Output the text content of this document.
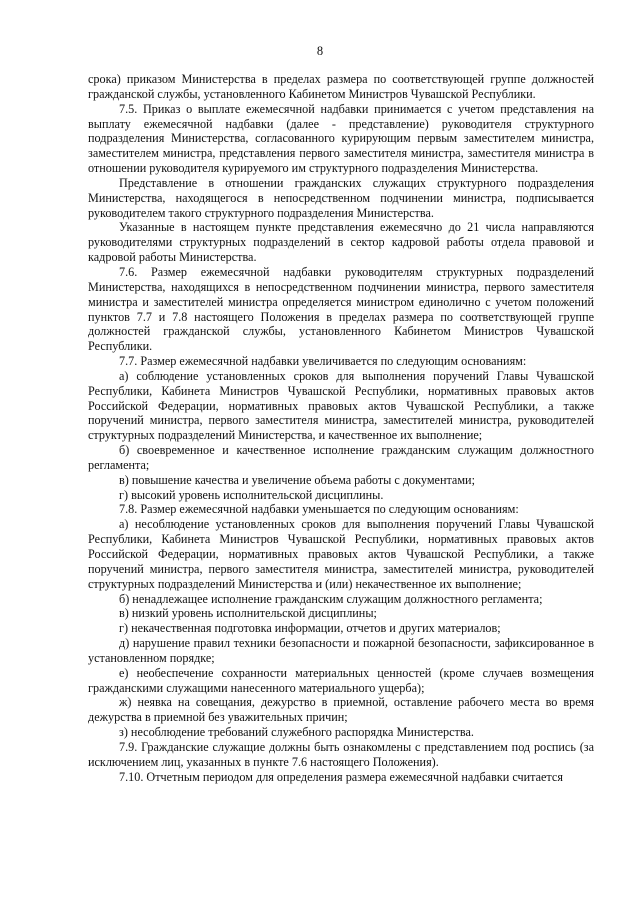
8

срока) приказом Министерства в пределах размера по соответствующей группе должностей гражданской службы, установленного Кабинетом Министров Чувашской Республики.

7.5. Приказ о выплате ежемесячной надбавки принимается с учетом представления на выплату ежемесячной надбавки (далее - представление) руководителя структурного подразделения Министерства, согласованного курирующим первым заместителем министра, заместителем министра, представления первого заместителя министра, заместителя министра в отношении руководителя курируемого им структурного подразделения Министерства.

Представление в отношении гражданских служащих структурного подразделения Министерства, находящегося в непосредственном подчинении министра, подписывается руководителем такого структурного подразделения Министерства.

Указанные в настоящем пункте представления ежемесячно до 21 числа направляются руководителями структурных подразделений в сектор кадровой работы отдела правовой и кадровой работы Министерства.

7.6. Размер ежемесячной надбавки руководителям структурных подразделений Министерства, находящихся в непосредственном подчинении министра, первого заместителя министра и заместителей министра определяется министром единолично с учетом положений пунктов 7.7 и 7.8 настоящего Положения в пределах размера по соответствующей группе должностей гражданской службы, установленного Кабинетом Министров Чувашской Республики.

7.7. Размер ежемесячной надбавки увеличивается по следующим основаниям:

а) соблюдение установленных сроков для выполнения поручений Главы Чувашской Республики, Кабинета Министров Чувашской Республики, нормативных правовых актов Российской Федерации, нормативных правовых актов Чувашской Республики, а также поручений министра, первого заместителя министра, заместителей министра, руководителей структурных подразделений Министерства, и качественное их выполнение;

б) своевременное и качественное исполнение гражданским служащим должностного регламента;

в) повышение качества и увеличение объема работы с документами;

г) высокий уровень исполнительской дисциплины.

7.8. Размер ежемесячной надбавки уменьшается по следующим основаниям:

а) несоблюдение установленных сроков для выполнения поручений Главы Чувашской Республики, Кабинета Министров Чувашской Республики, нормативных правовых актов Российской Федерации, нормативных правовых актов Чувашской Республики, а также поручений министра, первого заместителя министра, заместителей министра, руководителей структурных подразделений Министерства и (или) некачественное их выполнение;

б) ненадлежащее исполнение гражданским служащим должностного регламента;

в) низкий уровень исполнительской дисциплины;

г) некачественная подготовка информации, отчетов и других материалов;

д) нарушение правил техники безопасности и пожарной безопасности, зафиксированное в установленном порядке;

е) необеспечение сохранности материальных ценностей (кроме случаев возмещения гражданскими служащими нанесенного материального ущерба);

ж) неявка на совещания, дежурство в приемной, оставление рабочего места во время дежурства в приемной без уважительных причин;

з) несоблюдение требований служебного распорядка Министерства.

7.9. Гражданские служащие должны быть ознакомлены с представлением под роспись (за исключением лиц, указанных в пункте 7.6 настоящего Положения).

7.10. Отчетным периодом для определения размера ежемесячной надбавки считается
